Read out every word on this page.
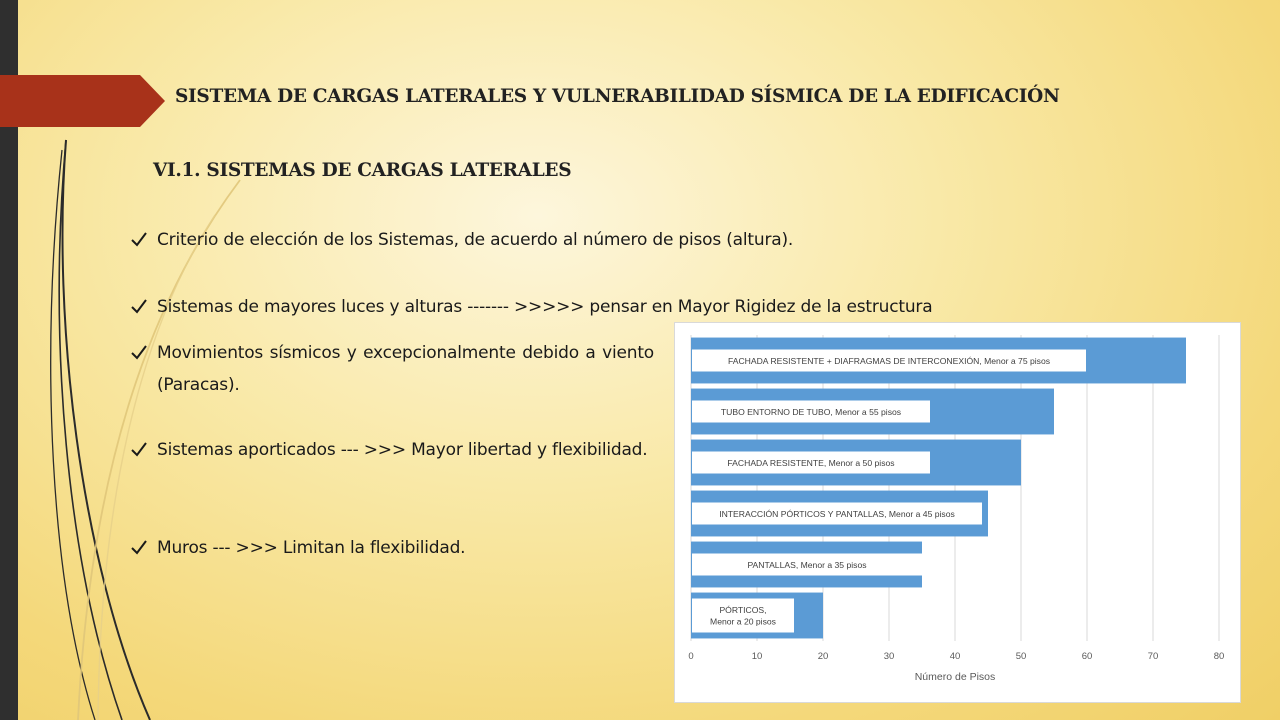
SISTEMA DE CARGAS LATERALES Y VULNERABILIDAD SÍSMICA DE LA EDIFICACIÓN
VI.1. SISTEMAS DE CARGAS LATERALES
Criterio de elección de los Sistemas, de acuerdo al número de pisos (altura).
Sistemas de mayores luces y alturas ------- >>>>> pensar en Mayor Rigidez de la estructura
Movimientos sísmicos y excepcionalmente debido a viento (Paracas).
Sistemas aporticados --- >>> Mayor libertad y flexibilidad.
Muros --- >>> Limitan la flexibilidad.
FACHADA RESISTENTE + DIAFRAGMAS DE INTERCONEXIÓN, Menor a 75 pisos
TUBO ENTORNO DE TUBO, Menor a 55 pisos
FACHADA RESISTENTE, Menor a 50 pisos
INTERACCIÓN PÓRTICOS Y PANTALLAS, Menor a 45 pisos
PANTALLAS, Menor a 35 pisos
PÓRTICOS, Menor a 20 pisos
0	10	20	30	40	50	60	70	80
Número de Pisos
